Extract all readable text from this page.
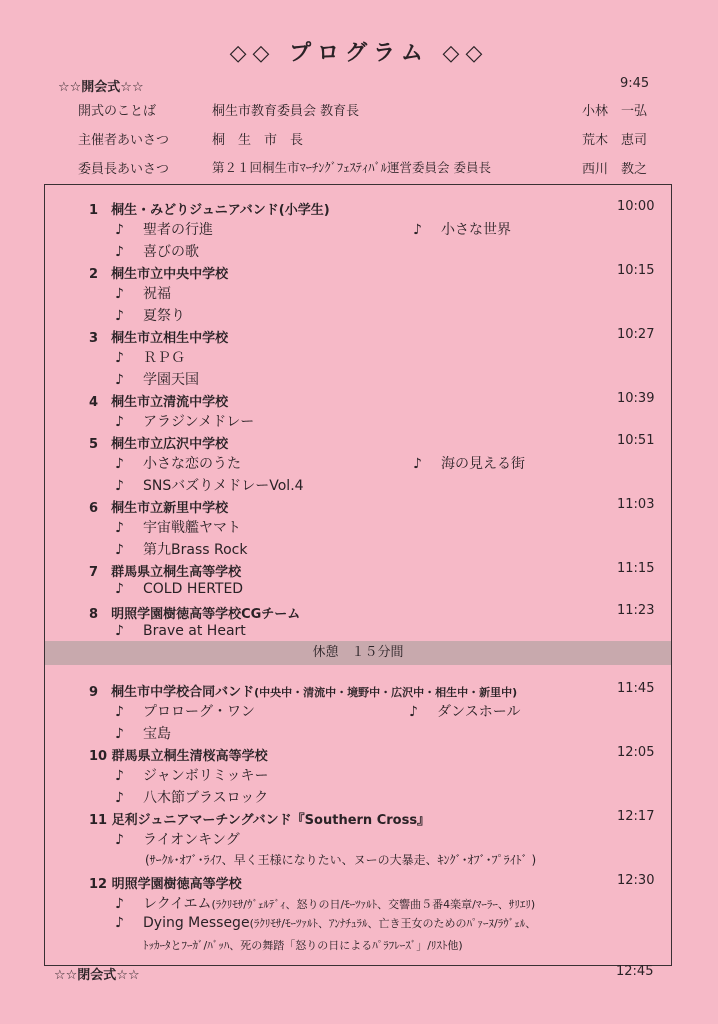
◇◇ プログラム ◇◇
☆☆開会式☆☆	9:45
開式のことば	桐生市教育委員会 教育長	小林　一弘
主催者あいさつ	桐　生　市　長	荒木　恵司
委員長あいさつ	第２１回桐生市ﾏｰﾁﾝｸﾞﾌｪｽﾃｨﾊﾞﾙ運営委員会 委員長	西川　教之
1　 桐生・みどりジュニアバンド(小学生)	10:00
♪ 聖者の行進	♪ 小さな世界
♪ 喜びの歌
2　 桐生市立中央中学校	10:15
♪ 祝福
♪ 夏祭り
3　 桐生市立相生中学校	10:27
♪ ＲＰＧ
♪ 学園天国
4　 桐生市立清流中学校	10:39
♪ アラジンメドレー
5　 桐生市立広沢中学校	10:51
♪ 小さな恋のうた	♪ 海の見える街
♪ SNSバズりメドレーVol.4
6　 桐生市立新里中学校	11:03
♪ 宇宙戦艦ヤマト
♪ 第九Brass Rock
7　 群馬県立桐生高等学校	11:15
♪ COLD HERTED
8　 明照学園樹徳高等学校CGチーム	11:23
♪ Brave at Heart
休憩　１５分間
9　 桐生市中学校合同バンド(中央中・清流中・境野中・広沢中・相生中・新里中)	11:45
♪ プロローグ・ワン	♪ ダンスホール
♪ 宝島
10 群馬県立桐生清桜高等学校	12:05
♪ ジャンボリミッキー
♪ 八木節ブラスロック
11 足利ジュニアマーチングバンド『Southern Cross』	12:17
♪ ライオンキング
(ｻｰｸﾙ･ｵﾌﾞ･ﾗｲﾌ、早く王様になりたい、ヌーの大暴走、ｷﾝｸﾞ･ｵﾌﾞ･ﾌﾟﾗｲﾄﾞ )
12 明照学園樹徳高等学校	12:30
♪ レクイエム(ﾗｸﾘﾓｻ/ｳﾞｪﾙﾃﾞｨ、怒りの日/ﾓｰﾂｧﾙﾄ、交響曲５番4楽章/ﾏｰﾗｰ、ｻﾘｴﾘ)
♪ Dying Messege(ﾗｸﾘﾓｻ/ﾓｰﾂｧﾙﾄ、ｱﾝﾅﾁｭﾗﾙ、亡き王女のためのﾊﾟｧｰﾇ/ﾗｳﾞｪﾙ、
ﾄｯｶｰﾀとﾌｰｶﾞ/ﾊﾞｯﾊ、死の舞踏「怒りの日によるﾊﾟﾗﾌﾚｰｽﾞ」/ﾘｽﾄ他)
☆☆閉会式☆☆	12:45
